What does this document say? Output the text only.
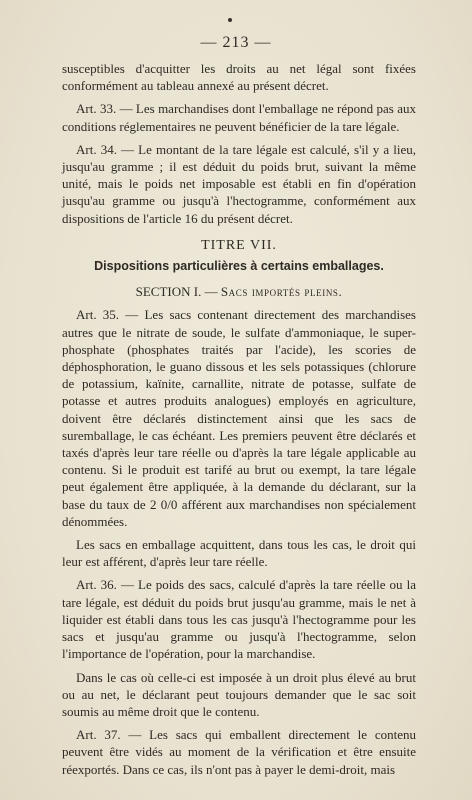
— 213 —

susceptibles d'acquitter les droits au net légal sont fixées conformément au tableau annexé au présent décret.

Art. 33. — Les marchandises dont l'emballage ne répond pas aux conditions réglementaires ne peuvent bénéficier de la tare légale.

Art. 34. — Le montant de la tare légale est calculé, s'il y a lieu, jusqu'au gramme ; il est déduit du poids brut, suivant la même unité, mais le poids net imposable est établi en fin d'opération jusqu'au gramme ou jusqu'à l'hectogramme, conformément aux dispositions de l'article 16 du présent décret.

TITRE VII.
Dispositions particulières à certains emballages.
SECTION I. — Sacs importés pleins.

Art. 35. — Les sacs contenant directement des marchandises autres que le nitrate de soude, le sulfate d'ammoniaque, le super-phosphate (phosphates traités par l'acide), les scories de déphosphoration, le guano dissous et les sels potassiques (chlorure de potassium, kaïnite, carnallite, nitrate de potasse, sulfate de potasse et autres produits analogues) employés en agriculture, doivent être déclarés distinctement ainsi que les sacs de suremballage, le cas échéant. Les premiers peuvent être déclarés et taxés d'après leur tare réelle ou d'après la tare légale applicable au contenu. Si le produit est tarifé au brut ou exempt, la tare légale peut également être appliquée, à la demande du déclarant, sur la base du taux de 2 0/0 afférent aux marchandises non spécialement dénommées.

Les sacs en emballage acquittent, dans tous les cas, le droit qui leur est afférent, d'après leur tare réelle.

Art. 36. — Le poids des sacs, calculé d'après la tare réelle ou la tare légale, est déduit du poids brut jusqu'au gramme, mais le net à liquider est établi dans tous les cas jusqu'à l'hectogramme pour les sacs et jusqu'au gramme ou jusqu'à l'hectogramme, selon l'importance de l'opération, pour la marchandise.

Dans le cas où celle-ci est imposée à un droit plus élevé au brut ou au net, le déclarant peut toujours demander que le sac soit soumis au même droit que le contenu.

Art. 37. — Les sacs qui emballent directement le contenu peuvent être vidés au moment de la vérification et être ensuite réexportés. Dans ce cas, ils n'ont pas à payer le demi-droit, mais
